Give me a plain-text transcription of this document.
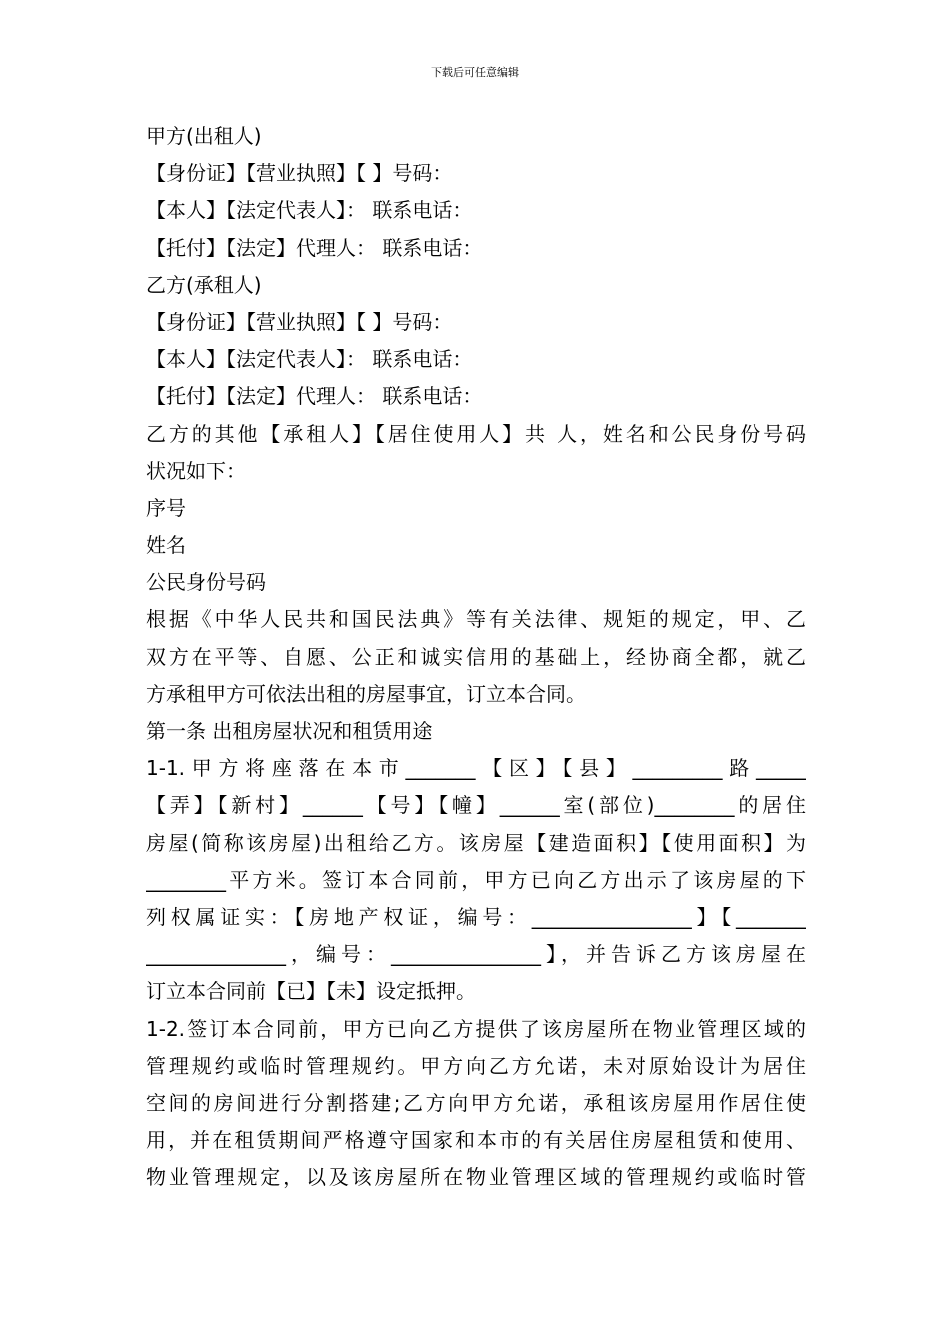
下载后可任意编辑
甲方(出租人)
【身份证】【营业执照】【 】号码：
【本人】【法定代表人】： 联系电话：
【托付】【法定】代理人： 联系电话：
乙方(承租人)
【身份证】【营业执照】【 】号码：
【本人】【法定代表人】： 联系电话：
【托付】【法定】代理人： 联系电话：
乙方的其他【承租人】【居住使用人】共 人，姓名和公民身份号码
状况如下：
序号
姓名
公民身份号码
根据《中华人民共和国民法典》等有关法律、规矩的规定，甲、乙
双方在平等、自愿、公正和诚实信用的基础上，经协商全都，就乙
方承租甲方可依法出租的房屋事宜，订立本合同。
第一条 出租房屋状况和租赁用途
1-1.甲方将座落在本市_______【区】【县】_________路_____
【弄】【新村】______【号】【幢】______室(部位)________的居住
房屋(简称该房屋)出租给乙方。该房屋【建造面积】【使用面积】为
________平方米。签订本合同前，甲方已向乙方出示了该房屋的下
列权属证实：【房地产权证，编号：________________】【_______
______________，编号：_______________】，并告诉乙方该房屋在
订立本合同前【已】【未】设定抵押。
1-2.签订本合同前，甲方已向乙方提供了该房屋所在物业管理区域的
管理规约或临时管理规约。甲方向乙方允诺，未对原始设计为居住
空间的房间进行分割搭建;乙方向甲方允诺，承租该房屋用作居住使
用，并在租赁期间严格遵守国家和本市的有关居住房屋租赁和使用、
物业管理规定，以及该房屋所在物业管理区域的管理规约或临时管
